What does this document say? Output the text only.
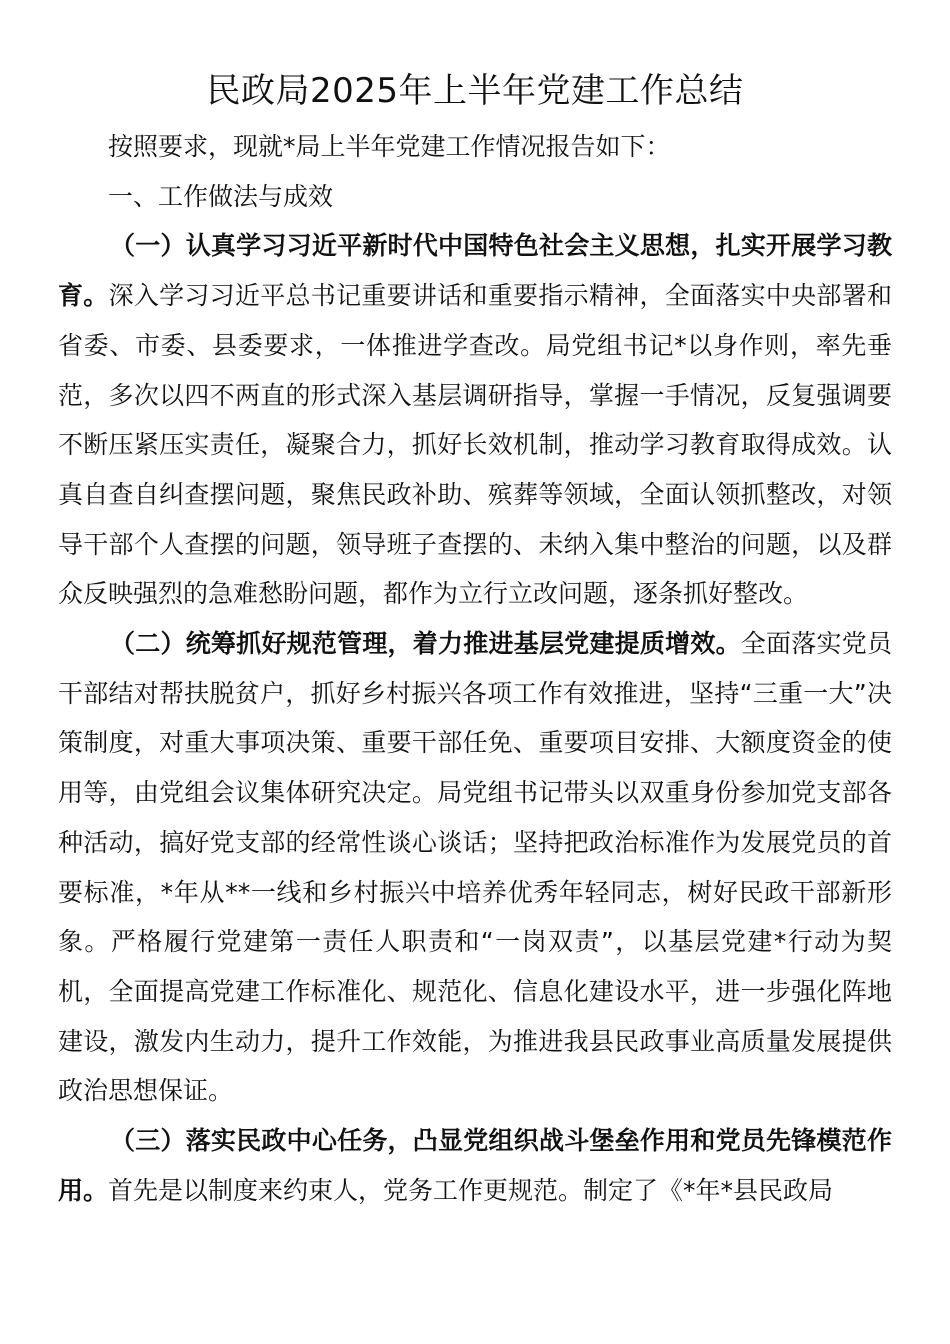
民政局2025年上半年党建工作总结

按照要求，现就*局上半年党建工作情况报告如下：

一、工作做法与成效

（一）认真学习习近平新时代中国特色社会主义思想，扎实开展学习教育。深入学习习近平总书记重要讲话和重要指示精神，全面落实中央部署和省委、市委、县委要求，一体推进学查改。局党组书记*以身作则，率先垂范，多次以四不两直的形式深入基层调研指导，掌握一手情况，反复强调要不断压紧压实责任，凝聚合力，抓好长效机制，推动学习教育取得成效。认真自查自纠查摆问题，聚焦民政补助、殡葬等领域，全面认领抓整改，对领导干部个人查摆的问题，领导班子查摆的、未纳入集中整治的问题，以及群众反映强烈的急难愁盼问题，都作为立行立改问题，逐条抓好整改。

（二）统筹抓好规范管理，着力推进基层党建提质增效。全面落实党员干部结对帮扶脱贫户，抓好乡村振兴各项工作有效推进，坚持“三重一大”决策制度，对重大事项决策、重要干部任免、重要项目安排、大额度资金的使用等，由党组会议集体研究决定。局党组书记带头以双重身份参加党支部各种活动，搞好党支部的经常性谈心谈话；坚持把政治标准作为发展党员的首要标准，*年从**一线和乡村振兴中培养优秀年轻同志，树好民政干部新形象。严格履行党建第一责任人职责和“一岗双责”，以基层党建*行动为契机，全面提高党建工作标准化、规范化、信息化建设水平，进一步强化阵地建设，激发内生动力，提升工作效能，为推进我县民政事业高质量发展提供政治思想保证。

（三）落实民政中心任务，凸显党组织战斗堡垒作用和党员先锋模范作用。首先是以制度来约束人，党务工作更规范。制定了《*年*县民政局
